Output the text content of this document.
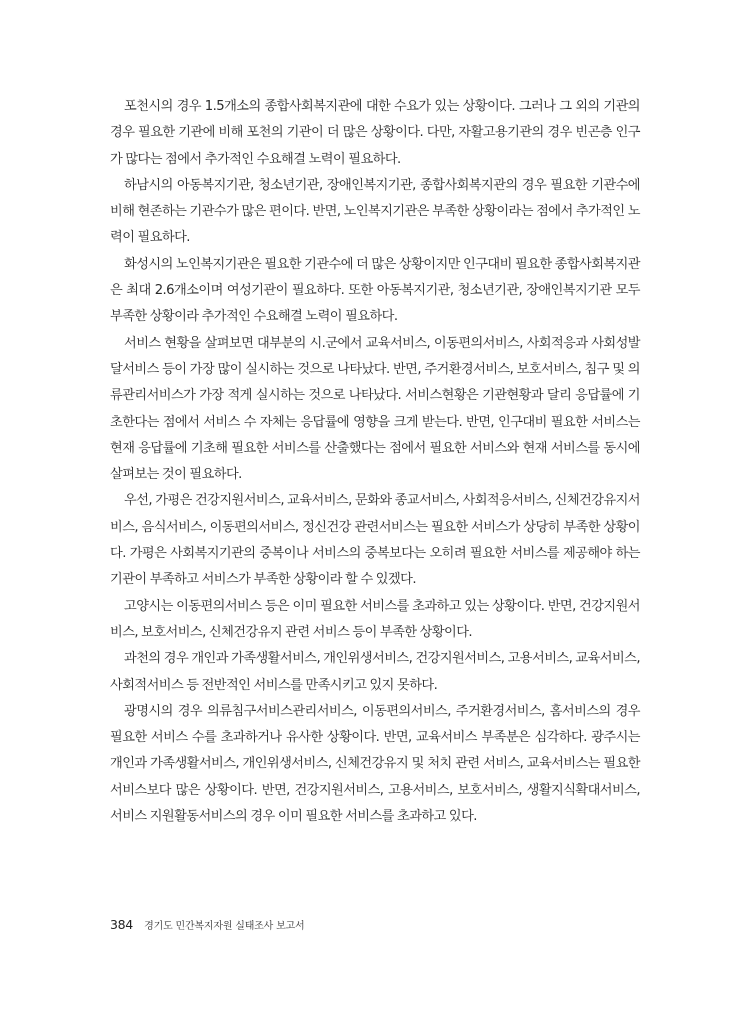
포천시의 경우 1.5개소의 종합사회복지관에 대한 수요가 있는 상황이다. 그러나 그 외의 기관의 경우 필요한 기관에 비해 포천의 기관이 더 많은 상황이다. 다만, 자활고용기관의 경우 빈곤층 인구가 많다는 점에서 추가적인 수요해결 노력이 필요하다.

하남시의 아동복지기관, 청소년기관, 장애인복지기관, 종합사회복지관의 경우 필요한 기관수에 비해 현존하는 기관수가 많은 편이다. 반면, 노인복지기관은 부족한 상황이라는 점에서 추가적인 노력이 필요하다.

화성시의 노인복지기관은 필요한 기관수에 더 많은 상황이지만 인구대비 필요한 종합사회복지관은 최대 2.6개소이며 여성기관이 필요하다. 또한 아동복지기관, 청소년기관, 장애인복지기관 모두 부족한 상황이라 추가적인 수요해결 노력이 필요하다.

서비스 현황을 살펴보면 대부분의 시.군에서 교육서비스, 이동편의서비스, 사회적응과 사회성발달서비스 등이 가장 많이 실시하는 것으로 나타났다. 반면, 주거환경서비스, 보호서비스, 침구 및 의류관리서비스가 가장 적게 실시하는 것으로 나타났다. 서비스현황은 기관현황과 달리 응답률에 기초한다는 점에서 서비스 수 자체는 응답률에 영향을 크게 받는다. 반면, 인구대비 필요한 서비스는 현재 응답률에 기초해 필요한 서비스를 산출했다는 점에서 필요한 서비스와 현재 서비스를 동시에 살펴보는 것이 필요하다.

우선, 가평은 건강지원서비스, 교육서비스, 문화와 종교서비스, 사회적응서비스, 신체건강유지서비스, 음식서비스, 이동편의서비스, 정신건강 관련서비스는 필요한 서비스가 상당히 부족한 상황이다. 가평은 사회복지기관의 중복이나 서비스의 중복보다는 오히려 필요한 서비스를 제공해야 하는 기관이 부족하고 서비스가 부족한 상황이라 할 수 있겠다.

고양시는 이동편의서비스 등은 이미 필요한 서비스를 초과하고 있는 상황이다. 반면, 건강지원서비스, 보호서비스, 신체건강유지 관련 서비스 등이 부족한 상황이다.

과천의 경우 개인과 가족생활서비스, 개인위생서비스, 건강지원서비스, 고용서비스, 교육서비스, 사회적서비스 등 전반적인 서비스를 만족시키고 있지 못하다.

광명시의 경우 의류침구서비스관리서비스, 이동편의서비스, 주거환경서비스, 홈서비스의 경우 필요한 서비스 수를 초과하거나 유사한 상황이다. 반면, 교육서비스 부족분은 심각하다. 광주시는 개인과 가족생활서비스, 개인위생서비스, 신체건강유지 및 처치 관련 서비스, 교육서비스는 필요한 서비스보다 많은 상황이다. 반면, 건강지원서비스, 고용서비스, 보호서비스, 생활지식확대서비스, 서비스 지원활동서비스의 경우 이미 필요한 서비스를 초과하고 있다.

384 경기도 민간복지자원 실태조사 보고서
